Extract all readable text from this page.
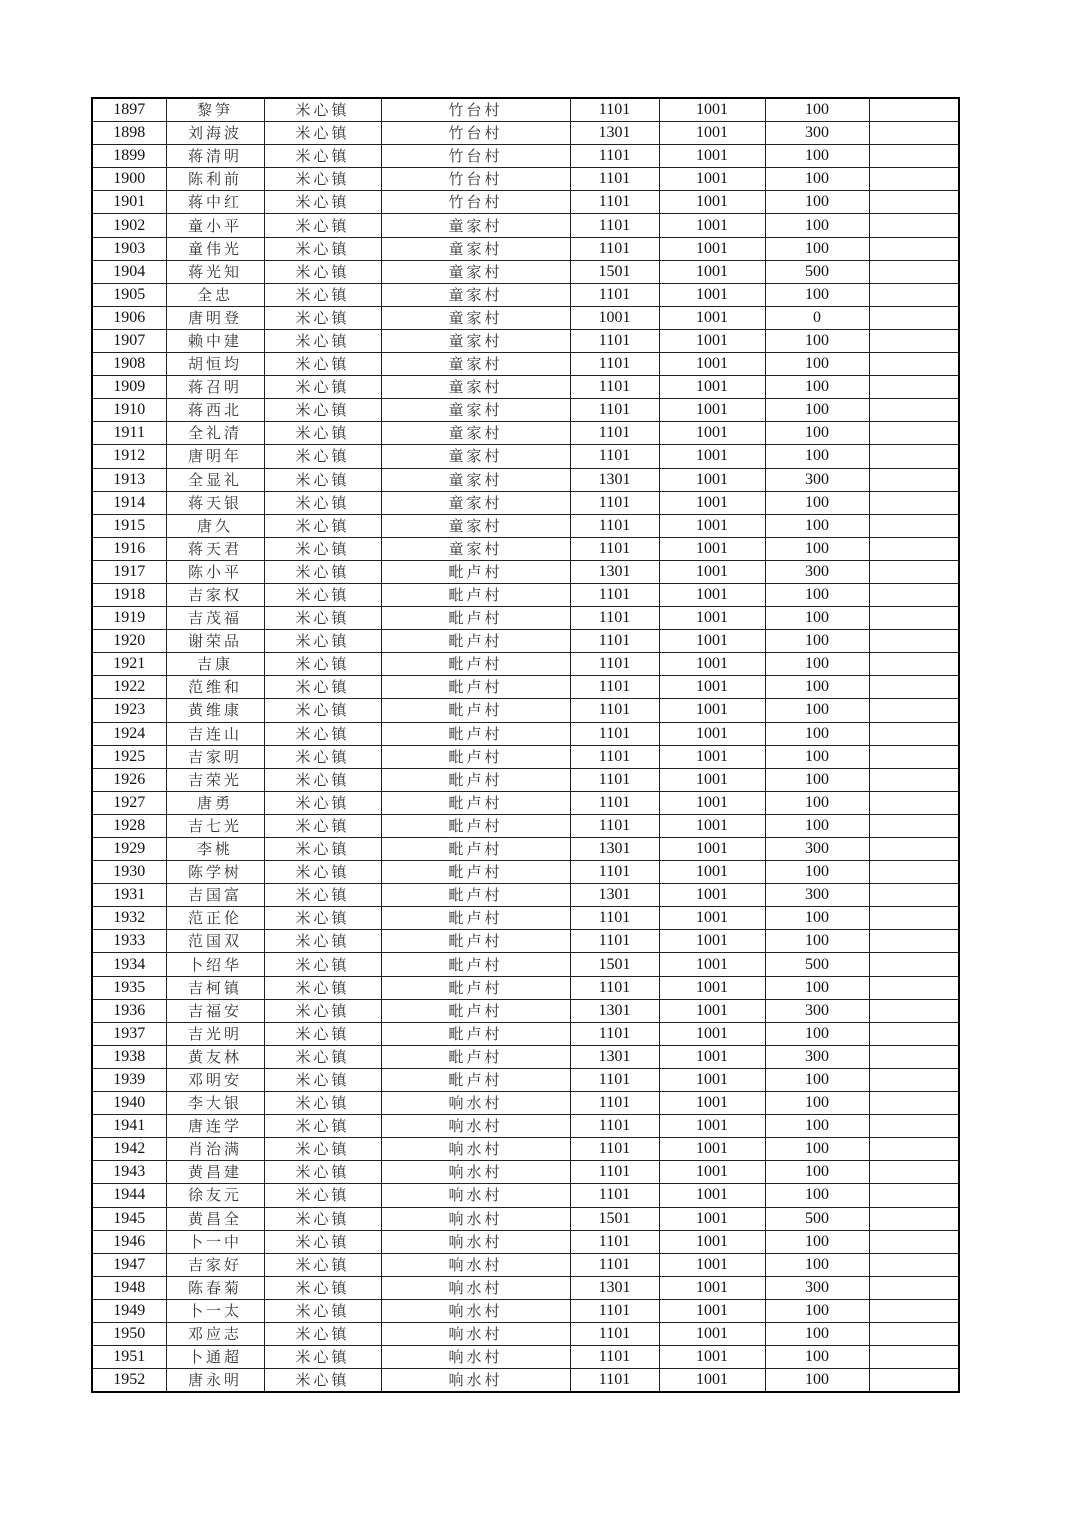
1897	黎笋	米心镇	竹台村	1101	1001	100	
1898	刘海波	米心镇	竹台村	1301	1001	300	
1899	蒋清明	米心镇	竹台村	1101	1001	100	
1900	陈利前	米心镇	竹台村	1101	1001	100	
1901	蒋中红	米心镇	竹台村	1101	1001	100	
1902	童小平	米心镇	童家村	1101	1001	100	
1903	童伟光	米心镇	童家村	1101	1001	100	
1904	蒋光知	米心镇	童家村	1501	1001	500	
1905	全忠	米心镇	童家村	1101	1001	100	
1906	唐明登	米心镇	童家村	1001	1001	0	
1907	赖中建	米心镇	童家村	1101	1001	100	
1908	胡恒均	米心镇	童家村	1101	1001	100	
1909	蒋召明	米心镇	童家村	1101	1001	100	
1910	蒋西北	米心镇	童家村	1101	1001	100	
1911	全礼清	米心镇	童家村	1101	1001	100	
1912	唐明年	米心镇	童家村	1101	1001	100	
1913	全显礼	米心镇	童家村	1301	1001	300	
1914	蒋天银	米心镇	童家村	1101	1001	100	
1915	唐久	米心镇	童家村	1101	1001	100	
1916	蒋天君	米心镇	童家村	1101	1001	100	
1917	陈小平	米心镇	毗卢村	1301	1001	300	
1918	吉家权	米心镇	毗卢村	1101	1001	100	
1919	吉茂福	米心镇	毗卢村	1101	1001	100	
1920	谢荣品	米心镇	毗卢村	1101	1001	100	
1921	吉康	米心镇	毗卢村	1101	1001	100	
1922	范维和	米心镇	毗卢村	1101	1001	100	
1923	黄维康	米心镇	毗卢村	1101	1001	100	
1924	吉连山	米心镇	毗卢村	1101	1001	100	
1925	吉家明	米心镇	毗卢村	1101	1001	100	
1926	吉荣光	米心镇	毗卢村	1101	1001	100	
1927	唐勇	米心镇	毗卢村	1101	1001	100	
1928	吉七光	米心镇	毗卢村	1101	1001	100	
1929	李桃	米心镇	毗卢村	1301	1001	300	
1930	陈学树	米心镇	毗卢村	1101	1001	100	
1931	吉国富	米心镇	毗卢村	1301	1001	300	
1932	范正伦	米心镇	毗卢村	1101	1001	100	
1933	范国双	米心镇	毗卢村	1101	1001	100	
1934	卜绍华	米心镇	毗卢村	1501	1001	500	
1935	吉柯镇	米心镇	毗卢村	1101	1001	100	
1936	吉福安	米心镇	毗卢村	1301	1001	300	
1937	吉光明	米心镇	毗卢村	1101	1001	100	
1938	黄友林	米心镇	毗卢村	1301	1001	300	
1939	邓明安	米心镇	毗卢村	1101	1001	100	
1940	李大银	米心镇	响水村	1101	1001	100	
1941	唐连学	米心镇	响水村	1101	1001	100	
1942	肖治满	米心镇	响水村	1101	1001	100	
1943	黄昌建	米心镇	响水村	1101	1001	100	
1944	徐友元	米心镇	响水村	1101	1001	100	
1945	黄昌全	米心镇	响水村	1501	1001	500	
1946	卜一中	米心镇	响水村	1101	1001	100	
1947	吉家好	米心镇	响水村	1101	1001	100	
1948	陈春菊	米心镇	响水村	1301	1001	300	
1949	卜一太	米心镇	响水村	1101	1001	100	
1950	邓应志	米心镇	响水村	1101	1001	100	
1951	卜通超	米心镇	响水村	1101	1001	100	
1952	唐永明	米心镇	响水村	1101	1001	100	
